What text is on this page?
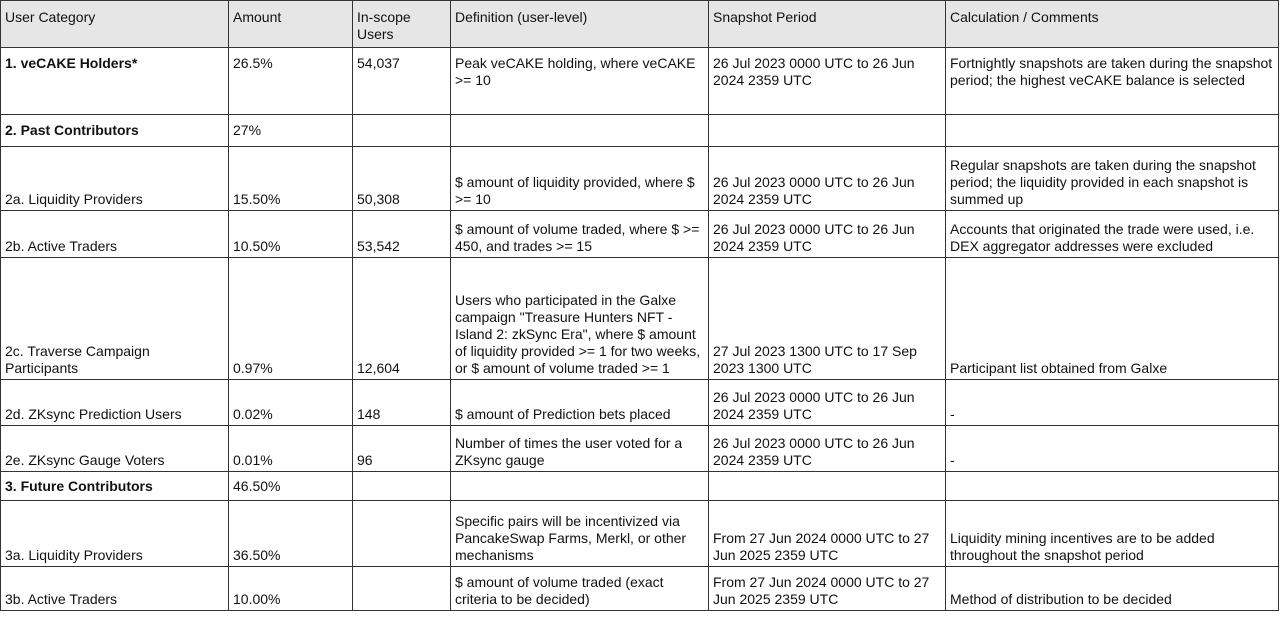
User Category	Amount	In-scope Users	Definition (user-level)	Snapshot Period	Calculation / Comments
1. veCAKE Holders*	26.5%	54,037	Peak veCAKE holding, where veCAKE >= 10	26 Jul 2023 0000 UTC to 26 Jun 2024 2359 UTC	Fortnightly snapshots are taken during the snapshot period; the highest veCAKE balance is selected
2. Past Contributors	27%				
2a. Liquidity Providers	15.50%	50,308	$ amount of liquidity provided, where $ >= 10	26 Jul 2023 0000 UTC to 26 Jun 2024 2359 UTC	Regular snapshots are taken during the snapshot period; the liquidity provided in each snapshot is summed up
2b. Active Traders	10.50%	53,542	$ amount of volume traded, where $ >= 450, and trades >= 15	26 Jul 2023 0000 UTC to 26 Jun 2024 2359 UTC	Accounts that originated the trade were used, i.e. DEX aggregator addresses were excluded
2c. Traverse Campaign Participants	0.97%	12,604	Users who participated in the Galxe campaign "Treasure Hunters NFT - Island 2: zkSync Era", where $ amount of liquidity provided >= 1 for two weeks, or $ amount of volume traded >= 1	27 Jul 2023 1300 UTC to 17 Sep 2023 1300 UTC	Participant list obtained from Galxe
2d. ZKsync Prediction Users	0.02%	148	$ amount of Prediction bets placed	26 Jul 2023 0000 UTC to 26 Jun 2024 2359 UTC	-
2e. ZKsync Gauge Voters	0.01%	96	Number of times the user voted for a ZKsync gauge	26 Jul 2023 0000 UTC to 26 Jun 2024 2359 UTC	-
3. Future Contributors	46.50%				
3a. Liquidity Providers	36.50%		Specific pairs will be incentivized via PancakeSwap Farms, Merkl, or other mechanisms	From 27 Jun 2024 0000 UTC to 27 Jun 2025 2359 UTC	Liquidity mining incentives are to be added throughout the snapshot period
3b. Active Traders	10.00%		$ amount of volume traded (exact criteria to be decided)	From 27 Jun 2024 0000 UTC to 27 Jun 2025 2359 UTC	Method of distribution to be decided
